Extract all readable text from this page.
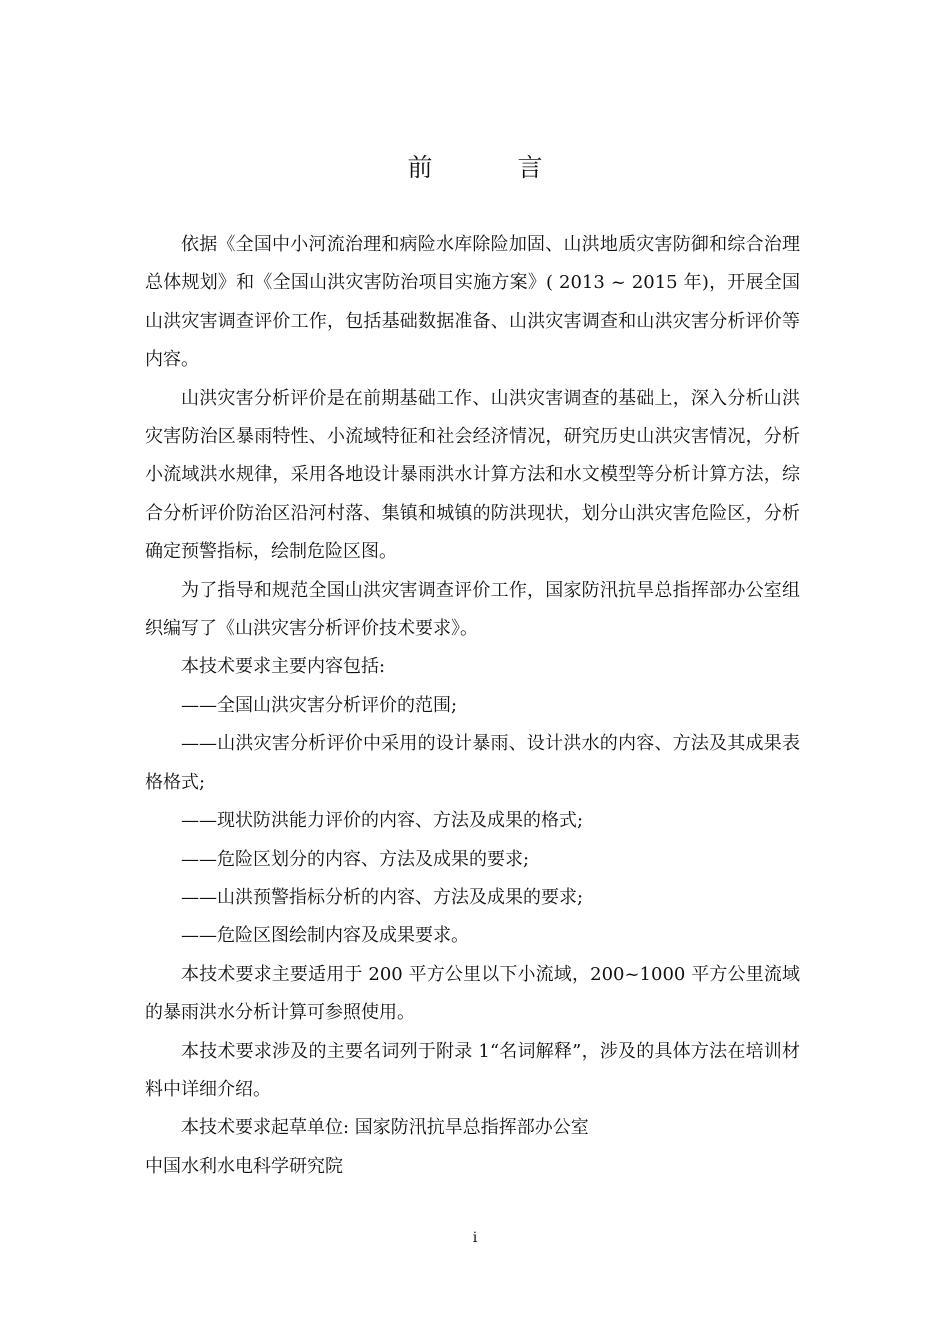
前　言

依据《全国中小河流治理和病险水库除险加固、山洪地质灾害防御和综合治理总体规划》和《全国山洪灾害防治项目实施方案》( 2013 ~ 2015 年)，开展全国山洪灾害调查评价工作，包括基础数据准备、山洪灾害调查和山洪灾害分析评价等内容。

山洪灾害分析评价是在前期基础工作、山洪灾害调查的基础上，深入分析山洪灾害防治区暴雨特性、小流域特征和社会经济情况，研究历史山洪灾害情况，分析小流域洪水规律，采用各地设计暴雨洪水计算方法和水文模型等分析计算方法，综合分析评价防治区沿河村落、集镇和城镇的防洪现状，划分山洪灾害危险区，分析确定预警指标，绘制危险区图。

为了指导和规范全国山洪灾害调查评价工作，国家防汛抗旱总指挥部办公室组织编写了《山洪灾害分析评价技术要求》。

本技术要求主要内容包括:

——全国山洪灾害分析评价的范围;

——山洪灾害分析评价中采用的设计暴雨、设计洪水的内容、方法及其成果表格格式;

——现状防洪能力评价的内容、方法及成果的格式;

——危险区划分的内容、方法及成果的要求;

——山洪预警指标分析的内容、方法及成果的要求;

——危险区图绘制内容及成果要求。

本技术要求主要适用于 200 平方公里以下小流域，200~1000 平方公里流域的暴雨洪水分析计算可参照使用。

本技术要求涉及的主要名词列于附录 1“名词解释”，涉及的具体方法在培训材料中详细介绍。

本技术要求起草单位: 国家防汛抗旱总指挥部办公室

中国水利水电科学研究院

i
